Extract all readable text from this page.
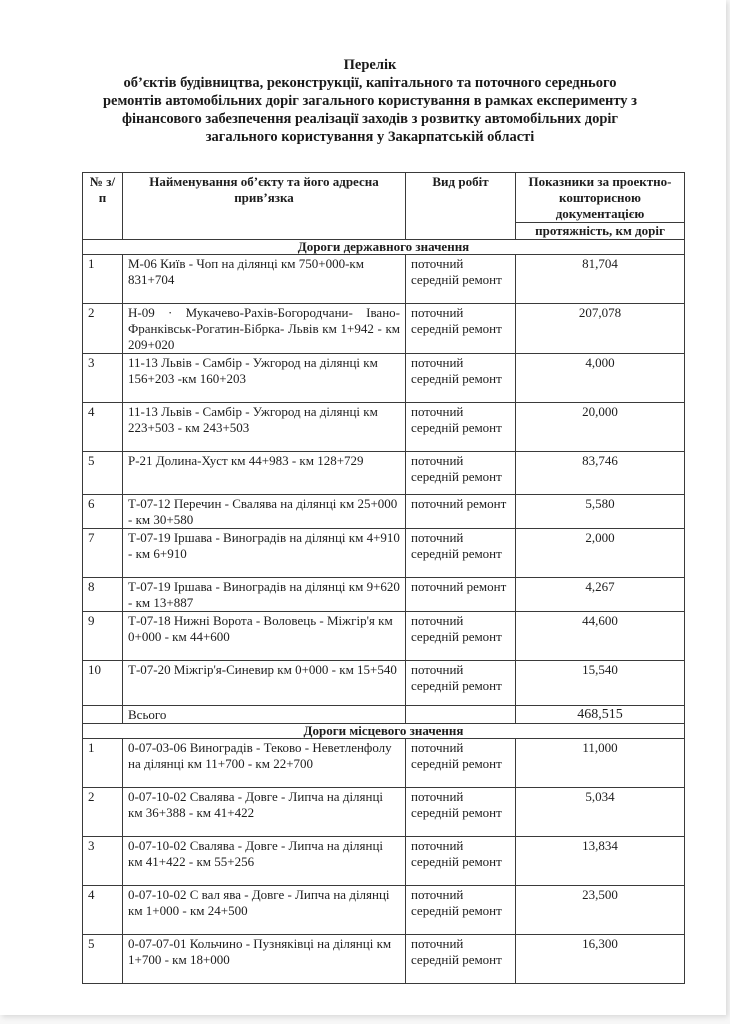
Перелік
об’єктів будівництва, реконструкції, капітального та поточного середнього
ремонтів автомобільних доріг загального користування в рамках експерименту з
фінансового забезпечення реалізації заходів з розвитку автомобільних доріг
загального користування у Закарпатській області
№ з/п	Найменування об’єкту та його адресна прив’язка	Вид робіт	Показники за проектно-кошторисною документацією
			протяжність, км доріг
Дороги державного значення			
1	М-06 Київ - Чоп на ділянці км 750+000-км 831+704	поточний середній ремонт	81,704
2	Н-09 · Мукачево-Рахів-Богородчани- Івано-Франківськ-Рогатин-Бібрка- Львів км 1+942 - км 209+020	поточний середній ремонт	207,078
3	11-13 Львів - Самбір - Ужгород на ділянці км 156+203 -км 160+203	поточний середній ремонт	4,000
4	11-13 Львів - Самбір - Ужгород на ділянці км 223+503 - км 243+503	поточний середній ремонт	20,000
5	Р-21 Долина-Хуст км 44+983 - км 128+729	поточний середній ремонт	83,746
6	Т-07-12 Перечин - Свалява на ділянці км 25+000 - км 30+580	поточний ремонт	5,580
7	Т-07-19 Іршава - Виноградів на ділянці км 4+910 - км 6+910	поточний середній ремонт	2,000
8	Т-07-19 Іршава - Виноградів на ділянці км 9+620 - км 13+887	поточний ремонт	4,267
9	Т-07-18 Нижні Ворота - Воловець - Міжгір'я км 0+000 - км 44+600	поточний середній ремонт	44,600
10	Т-07-20 Міжгір'я-Синевир км 0+000 - км 15+540	поточний середній ремонт	15,540
	Всього		468,515
Дороги місцевого значення			
1	0-07-03-06 Виноградів - Теково - Неветленфолу на ділянці км 11+700 - км 22+700	поточний середній ремонт	11,000
2	0-07-10-02 Свалява - Довге - Липча на ділянці км 36+388 - км 41+422	поточний середній ремонт	5,034
3	0-07-10-02 Свалява - Довге - Липча на ділянці км 41+422 - км 55+256	поточний середній ремонт	13,834
4	0-07-10-02 С вал ява - Довге - Липча на ділянці км 1+000 - км 24+500	поточний середній ремонт	23,500
5	0-07-07-01 Кольчино - Пузняківці на ділянці км 1+700 - км 18+000	поточний середній ремонт	16,300
